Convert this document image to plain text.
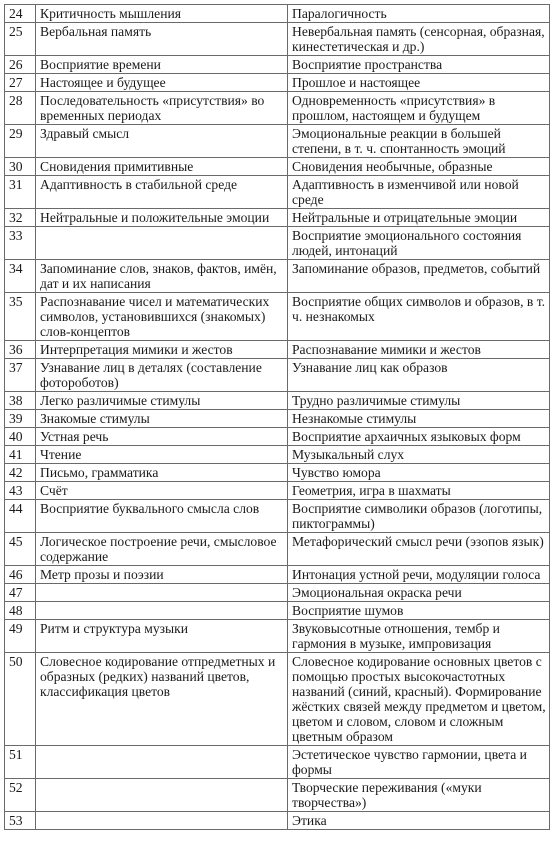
24	Критичность мышления	Паралогичность
25	Вербальная память	Невербальная память (сенсорная, образная, кинестетическая и др.)
26	Восприятие времени	Восприятие пространства
27	Настоящее и будущее	Прошлое и настоящее
28	Последовательность «присутствия» во временных периодах	Одновременность «присутствия» в прошлом, настоящем и будущем
29	Здравый смысл	Эмоциональные реакции в большей степени, в т. ч. спонтанность эмоций
30	Сновидения примитивные	Сновидения необычные, образные
31	Адаптивность в стабильной среде	Адаптивность в изменчивой или новой среде
32	Нейтральные и положительные эмоции	Нейтральные и отрицательные эмоции
33		Восприятие эмоционального состояния людей, интонаций
34	Запоминание слов, знаков, фактов, имён, дат и их написания	Запоминание образов, предметов, событий
35	Распознавание чисел и математических символов, установившихся (знакомых) слов-концептов	Восприятие общих символов и образов, в т. ч. незнакомых
36	Интерпретация мимики и жестов	Распознавание мимики и жестов
37	Узнавание лиц в деталях (составление фотороботов)	Узнавание лиц как образов
38	Легко различимые стимулы	Трудно различимые стимулы
39	Знакомые стимулы	Незнакомые стимулы
40	Устная речь	Восприятие архаичных языковых форм
41	Чтение	Музыкальный слух
42	Письмо, грамматика	Чувство юмора
43	Счёт	Геометрия, игра в шахматы
44	Восприятие буквального смысла слов	Восприятие символики образов (логотипы, пиктограммы)
45	Логическое построение речи, смысловое содержание	Метафорический смысл речи (эзопов язык)
46	Метр прозы и поэзии	Интонация устной речи, модуляции голоса
47		Эмоциональная окраска речи
48		Восприятие шумов
49	Ритм и структура музыки	Звуковысотные отношения, тембр и гармония в музыке, импровизация
50	Словесное кодирование отпредметных и образных (редких) названий цветов, классификация цветов	Словесное кодирование основных цветов с помощью простых высокочастотных названий (синий, красный). Формирование жёстких связей между предметом и цветом, цветом и словом, словом и сложным цветным образом
51		Эстетическое чувство гармонии, цвета и формы
52		Творческие переживания («муки творчества»)
53		Этика
